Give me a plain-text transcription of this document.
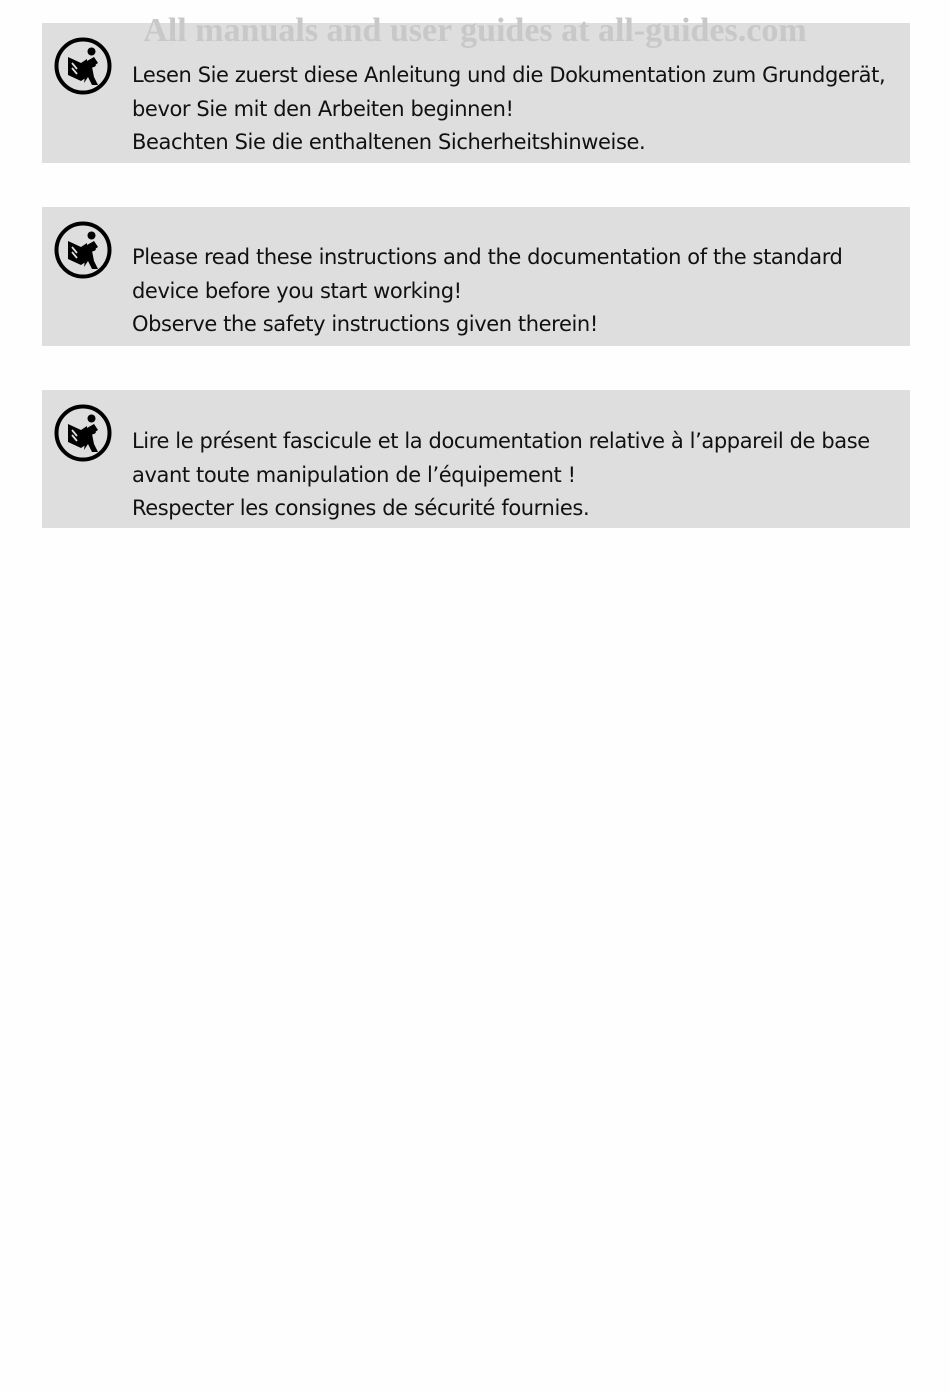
All manuals and user guides at all-guides.com
Lesen Sie zuerst diese Anleitung und die Dokumentation zum Grundgerät,
bevor Sie mit den Arbeiten beginnen!
Beachten Sie die enthaltenen Sicherheitshinweise.
Please read these instructions and the documentation of the standard
device before you start working!
Observe the safety instructions given therein!
Lire le présent fascicule et la documentation relative à l’appareil de base
avant toute manipulation de l’équipement !
Respecter les consignes de sécurité fournies.
